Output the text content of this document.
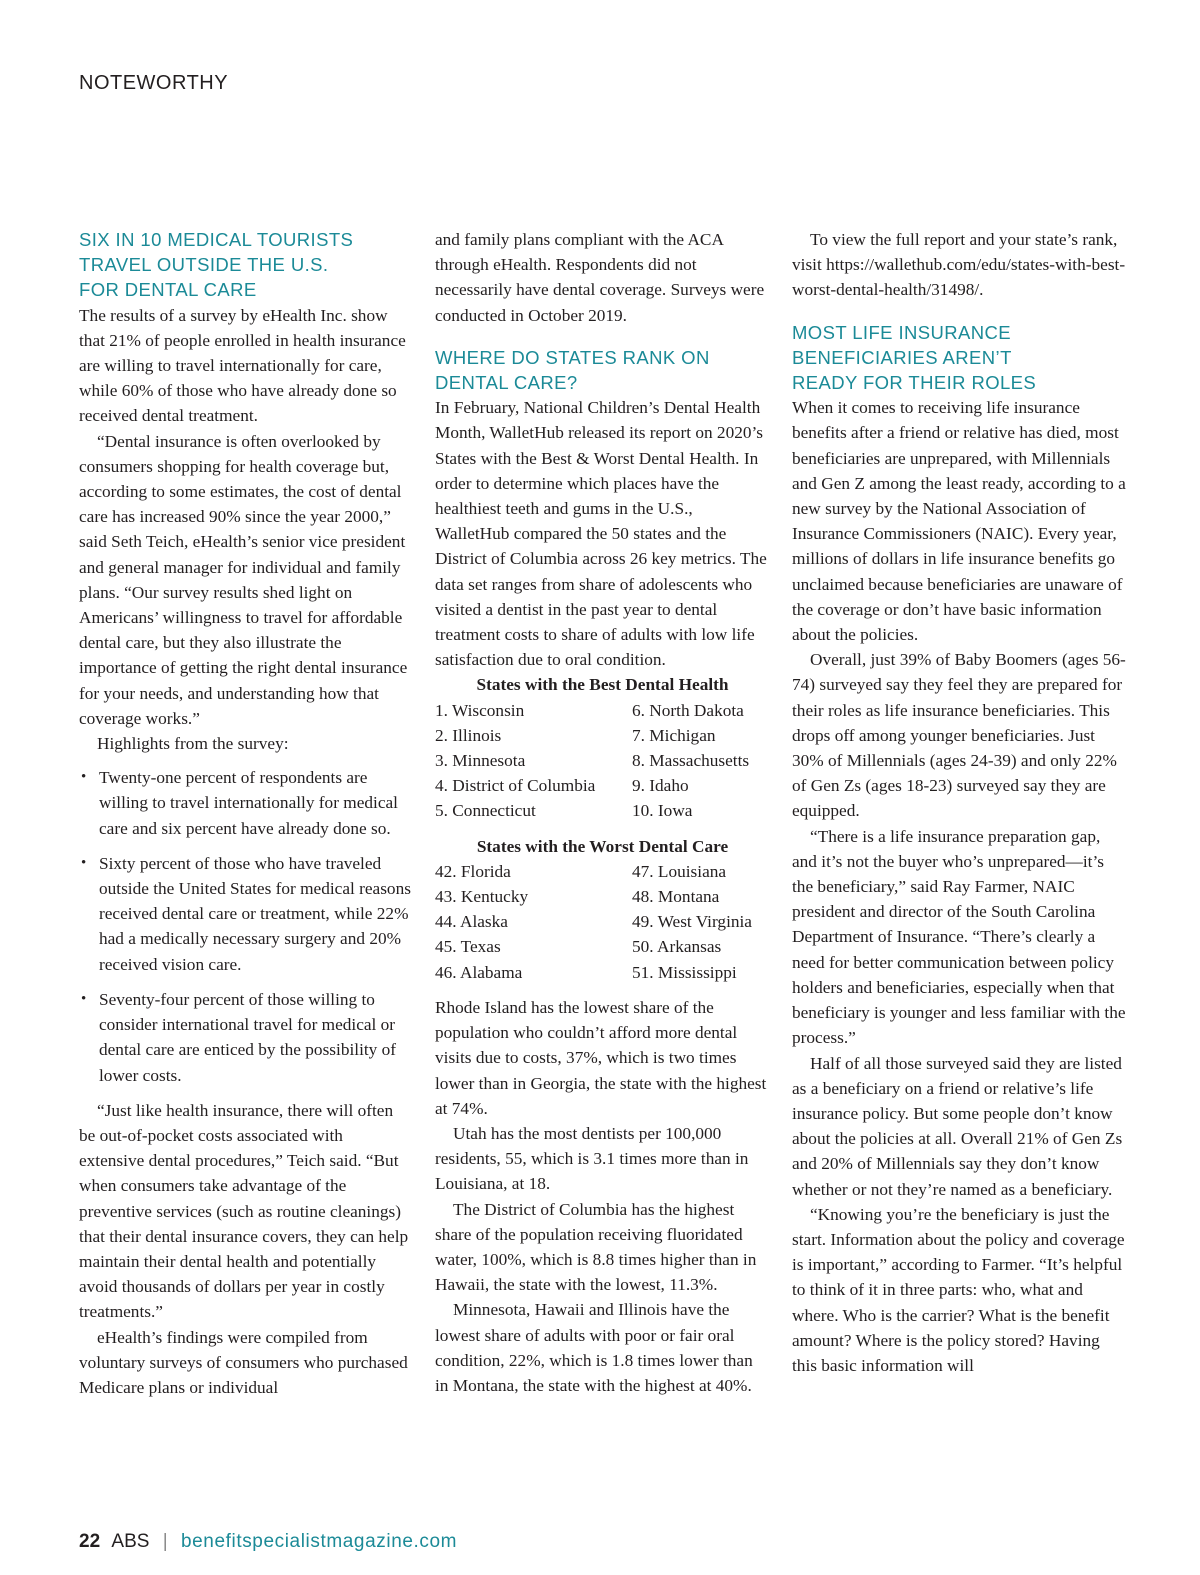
NOTEWORTHY
SIX IN 10 MEDICAL TOURISTS
TRAVEL OUTSIDE THE U.S.
FOR DENTAL CARE

The results of a survey by eHealth Inc. show that 21% of people enrolled in health insurance are willing to travel internationally for care, while 60% of those who have already done so received dental treatment.

“Dental insurance is often overlooked by consumers shopping for health coverage but, according to some estimates, the cost of dental care has increased 90% since the year 2000,” said Seth Teich, eHealth’s senior vice president and general manager for individual and family plans. “Our survey results shed light on Americans’ willingness to travel for affordable dental care, but they also illustrate the importance of getting the right dental insurance for your needs, and understanding how that coverage works.”

Highlights from the survey:

• Twenty-one percent of respondents are willing to travel internationally for medical care and six percent have already done so.
• Sixty percent of those who have traveled outside the United States for medical reasons received dental care or treatment, while 22% had a medically necessary surgery and 20% received vision care.
• Seventy-four percent of those willing to consider international travel for medical or dental care are enticed by the possibility of lower costs.

“Just like health insurance, there will often be out-of-pocket costs associated with extensive dental procedures,” Teich said. “But when consumers take advantage of the preventive services (such as routine cleanings) that their dental insurance covers, they can help maintain their dental health and potentially avoid thousands of dollars per year in costly treatments.”

eHealth’s findings were compiled from voluntary surveys of consumers who purchased Medicare plans or individual

and family plans compliant with the ACA through eHealth. Respondents did not necessarily have dental coverage. Surveys were conducted in October 2019.

WHERE DO STATES RANK ON
DENTAL CARE?

In February, National Children’s Dental Health Month, WalletHub released its report on 2020’s States with the Best & Worst Dental Health. In order to determine which places have the healthiest teeth and gums in the U.S., WalletHub compared the 50 states and the District of Columbia across 26 key metrics. The data set ranges from share of adolescents who visited a dentist in the past year to dental treatment costs to share of adults with low life satisfaction due to oral condition.

States with the Best Dental Health

1. Wisconsin	6. North Dakota
2. Illinois	7. Michigan
3. Minnesota	8. Massachusetts
4. District of Columbia	9. Idaho
5. Connecticut	10. Iowa

States with the Worst Dental Care

42. Florida	47. Louisiana
43. Kentucky	48. Montana
44. Alaska	49. West Virginia
45. Texas	50. Arkansas
46. Alabama	51. Mississippi

Rhode Island has the lowest share of the population who couldn’t afford more dental visits due to costs, 37%, which is two times lower than in Georgia, the state with the highest at 74%.

Utah has the most dentists per 100,000 residents, 55, which is 3.1 times more than in Louisiana, at 18.

The District of Columbia has the highest share of the population receiving fluoridated water, 100%, which is 8.8 times higher than in Hawaii, the state with the lowest, 11.3%.

Minnesota, Hawaii and Illinois have the lowest share of adults with poor or fair oral condition, 22%, which is 1.8 times lower than in Montana, the state with the highest at 40%.

To view the full report and your state’s rank, visit https://wallethub.com/edu/states-with-best-worst-dental-health/31498/.

MOST LIFE INSURANCE
BENEFICIARIES AREN’T
READY FOR THEIR ROLES

When it comes to receiving life insurance benefits after a friend or relative has died, most beneficiaries are unprepared, with Millennials and Gen Z among the least ready, according to a new survey by the National Association of Insurance Commissioners (NAIC). Every year, millions of dollars in life insurance benefits go unclaimed because beneficiaries are unaware of the coverage or don’t have basic information about the policies.

Overall, just 39% of Baby Boomers (ages 56-74) surveyed say they feel they are prepared for their roles as life insurance beneficiaries. This drops off among younger beneficiaries. Just 30% of Millennials (ages 24-39) and only 22% of Gen Zs (ages 18-23) surveyed say they are equipped.

“There is a life insurance preparation gap, and it’s not the buyer who’s unprepared—it’s the beneficiary,” said Ray Farmer, NAIC president and director of the South Carolina Department of Insurance. “There’s clearly a need for better communication between policy holders and beneficiaries, especially when that beneficiary is younger and less familiar with the process.”

Half of all those surveyed said they are listed as a beneficiary on a friend or relative’s life insurance policy. But some people don’t know about the policies at all. Overall 21% of Gen Zs and 20% of Millennials say they don’t know whether or not they’re named as a beneficiary.

“Knowing you’re the beneficiary is just the start. Information about the policy and coverage is important,” according to Farmer. “It’s helpful to think of it in three parts: who, what and where. Who is the carrier? What is the benefit amount? Where is the policy stored? Having this basic information will

22 ABS | benefitspecialistmagazine.com
